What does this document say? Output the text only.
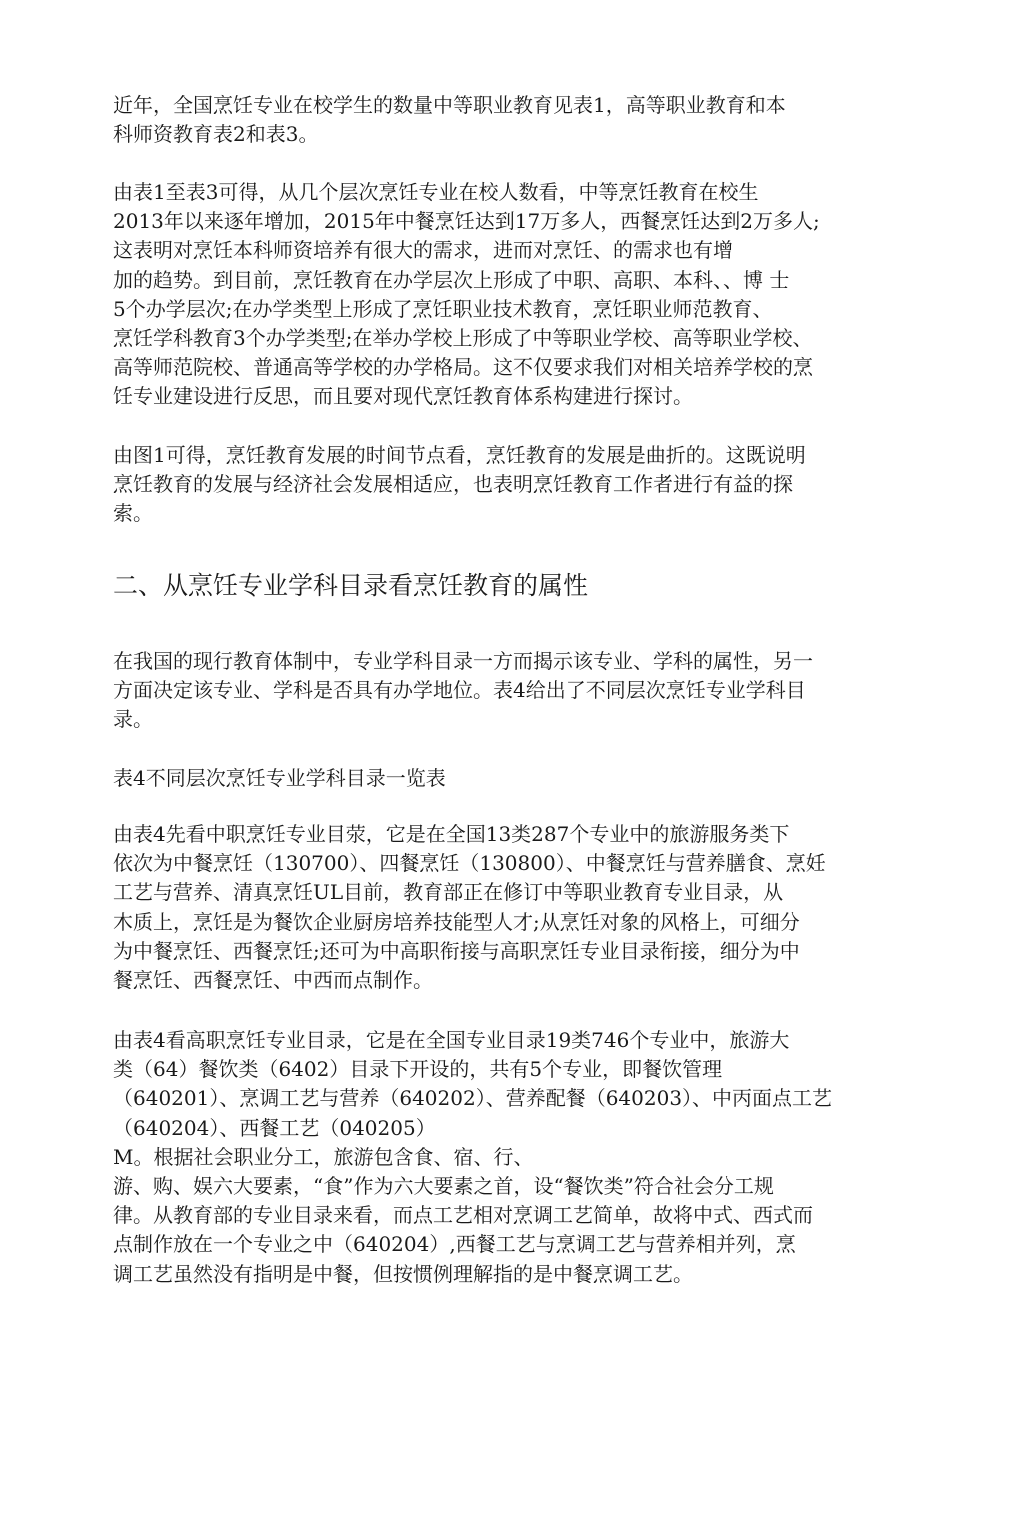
近年，全国烹饪专业在校学生的数量中等职业教育见表1，高等职业教育和本
科师资教育表2和表3。
由表1至表3可得，从几个层次烹饪专业在校人数看，中等烹饪教育在校生
2013年以来逐年增加，2015年中餐烹饪达到17万多人，西餐烹饪达到2万多人;
这表明对烹饪本科师资培养有很大的需求，进而对烹饪、的需求也有增
加的趋势。到目前，烹饪教育在办学层次上形成了中职、高职、本科、、博 士
5个办学层次;在办学类型上形成了烹饪职业技术教育，烹饪职业师范教育、
烹饪学科教育3个办学类型;在举办学校上形成了中等职业学校、高等职业学校、
高等师范院校、普通高等学校的办学格局。这不仅要求我们对相关培养学校的烹
饪专业建设进行反思，而且要对现代烹饪教育体系构建进行探讨。
由图1可得，烹饪教育发展的时间节点看，烹饪教育的发展是曲折的。这既说明
烹饪教育的发展与经济社会发展相适应，也表明烹饪教育工作者进行有益的探
索。
二、从烹饪专业学科目录看烹饪教育的属性
在我国的现行教育体制中，专业学科目录一方而揭示该专业、学科的属性，另一
方面决定该专业、学科是否具有办学地位。表4给出了不同层次烹饪专业学科目
录。
表4不同层次烹饪专业学科目录一览表
由表4先看中职烹饪专业目荥，它是在全国13类287个专业中的旅游服务类下
依次为中餐烹饪（130700）、四餐烹饪（130800）、中餐烹饪与营养膳食、烹妊
工艺与营养、清真烹饪UL目前，教育部正在修订中等职业教育专业目录，从
木质上，烹饪是为餐饮企业厨房培养技能型人才;从烹饪对象的风格上，可细分
为中餐烹饪、西餐烹饪;还可为中高职衔接与高职烹饪专业目录衔接，细分为中
餐烹饪、西餐烹饪、中西而点制作。
由表4看高职烹饪专业目录，它是在全国专业目录19类746个专业中，旅游大
类（64）餐饮类（6402）目录下开设的，共有5个专业，即餐饮管理
（640201）、烹调工艺与营养（640202）、营养配餐（640203）、中丙面点工艺
（640204）、西餐工艺（040205）
M。根据社会职业分工，旅游包含食、宿、行、
游、购、娱六大要素，“食”作为六大要素之首，设“餐饮类”符合社会分工规
律。从教育部的专业目录来看，而点工艺相对烹调工艺简单，故将中式、西式而
点制作放在一个专业之中（640204）,西餐工艺与烹调工艺与营养相并列，烹
调工艺虽然没有指明是中餐，但按惯例理解指的是中餐烹调工艺。
